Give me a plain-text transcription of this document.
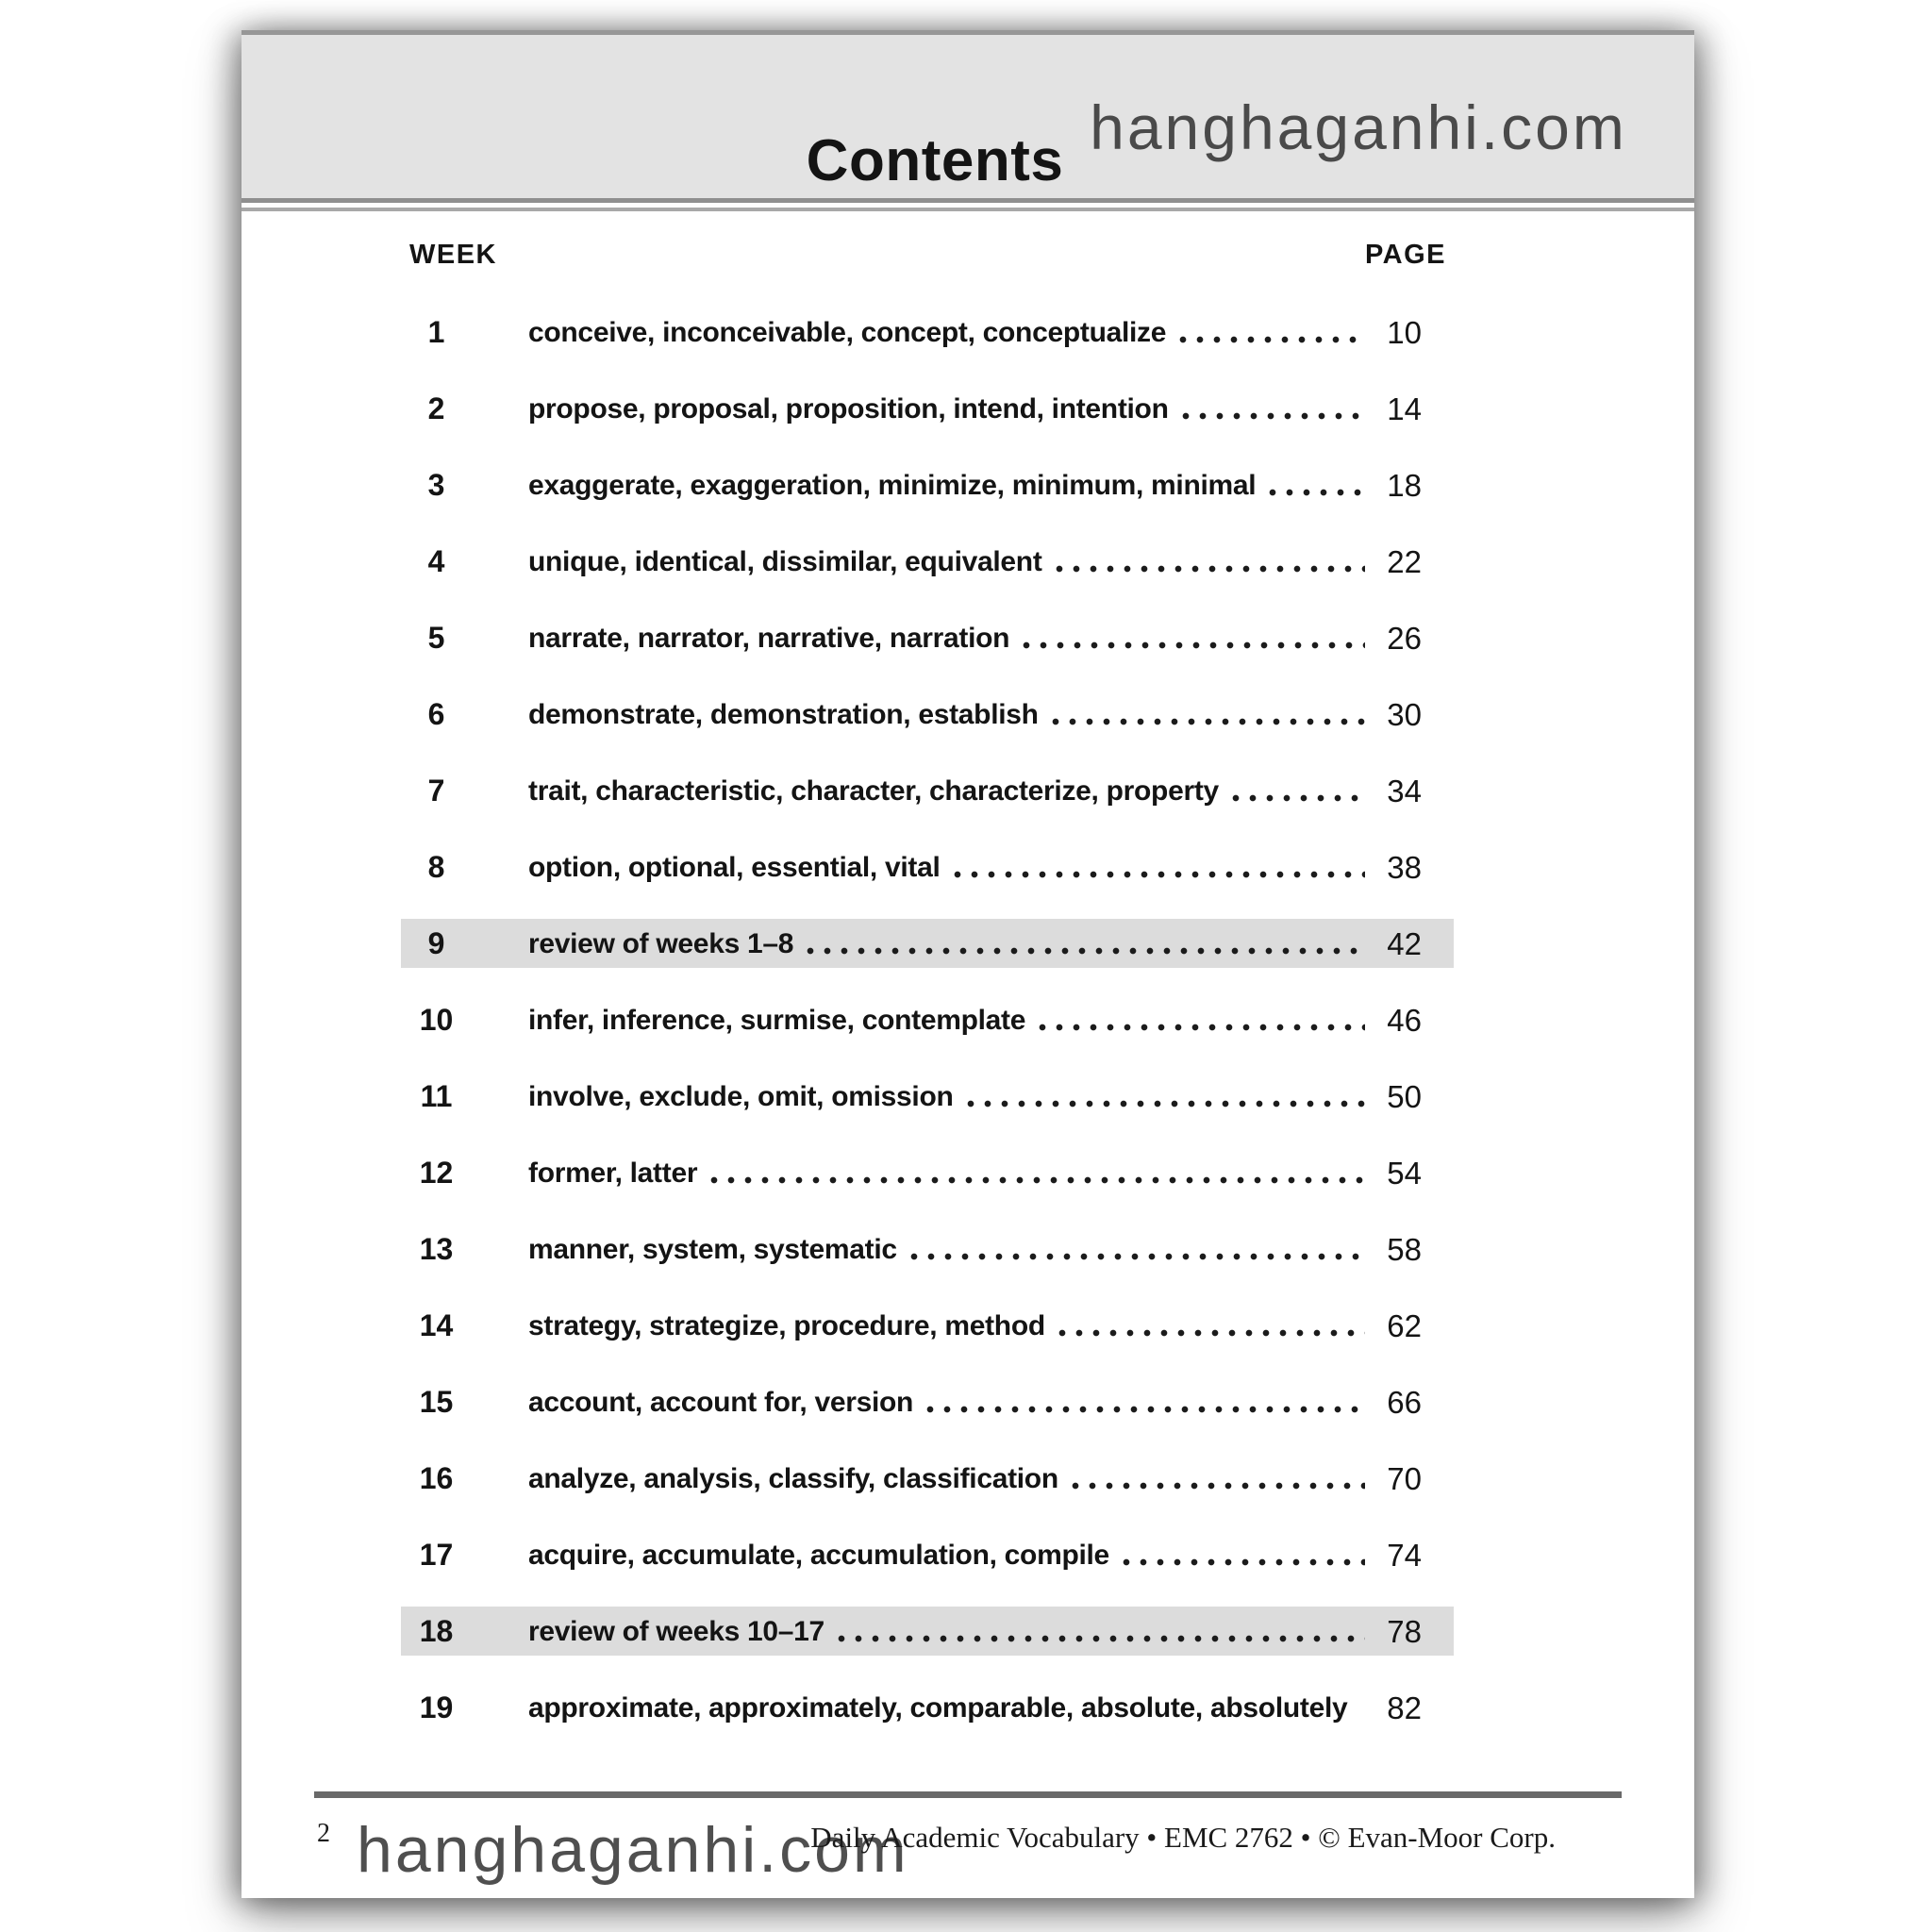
Contents hanghaganhi.com
WEEK	PAGE
1	conceive, inconceivable, concept, conceptualize	10
2	propose, proposal, proposition, intend, intention	14
3	exaggerate, exaggeration, minimize, minimum, minimal	18
4	unique, identical, dissimilar, equivalent	22
5	narrate, narrator, narrative, narration	26
6	demonstrate, demonstration, establish	30
7	trait, characteristic, character, characterize, property	34
8	option, optional, essential, vital	38
9	review of weeks 1–8	42
10	infer, inference, surmise, contemplate	46
11	involve, exclude, omit, omission	50
12	former, latter	54
13	manner, system, systematic	58
14	strategy, strategize, procedure, method	62
15	account, account for, version	66
16	analyze, analysis, classify, classification	70
17	acquire, accumulate, accumulation, compile	74
18	review of weeks 10–17	78
19	approximate, approximately, comparable, absolute, absolutely	82
2 hanghaganhi.com
Daily Academic Vocabulary • EMC 2762 • © Evan-Moor Corp.
